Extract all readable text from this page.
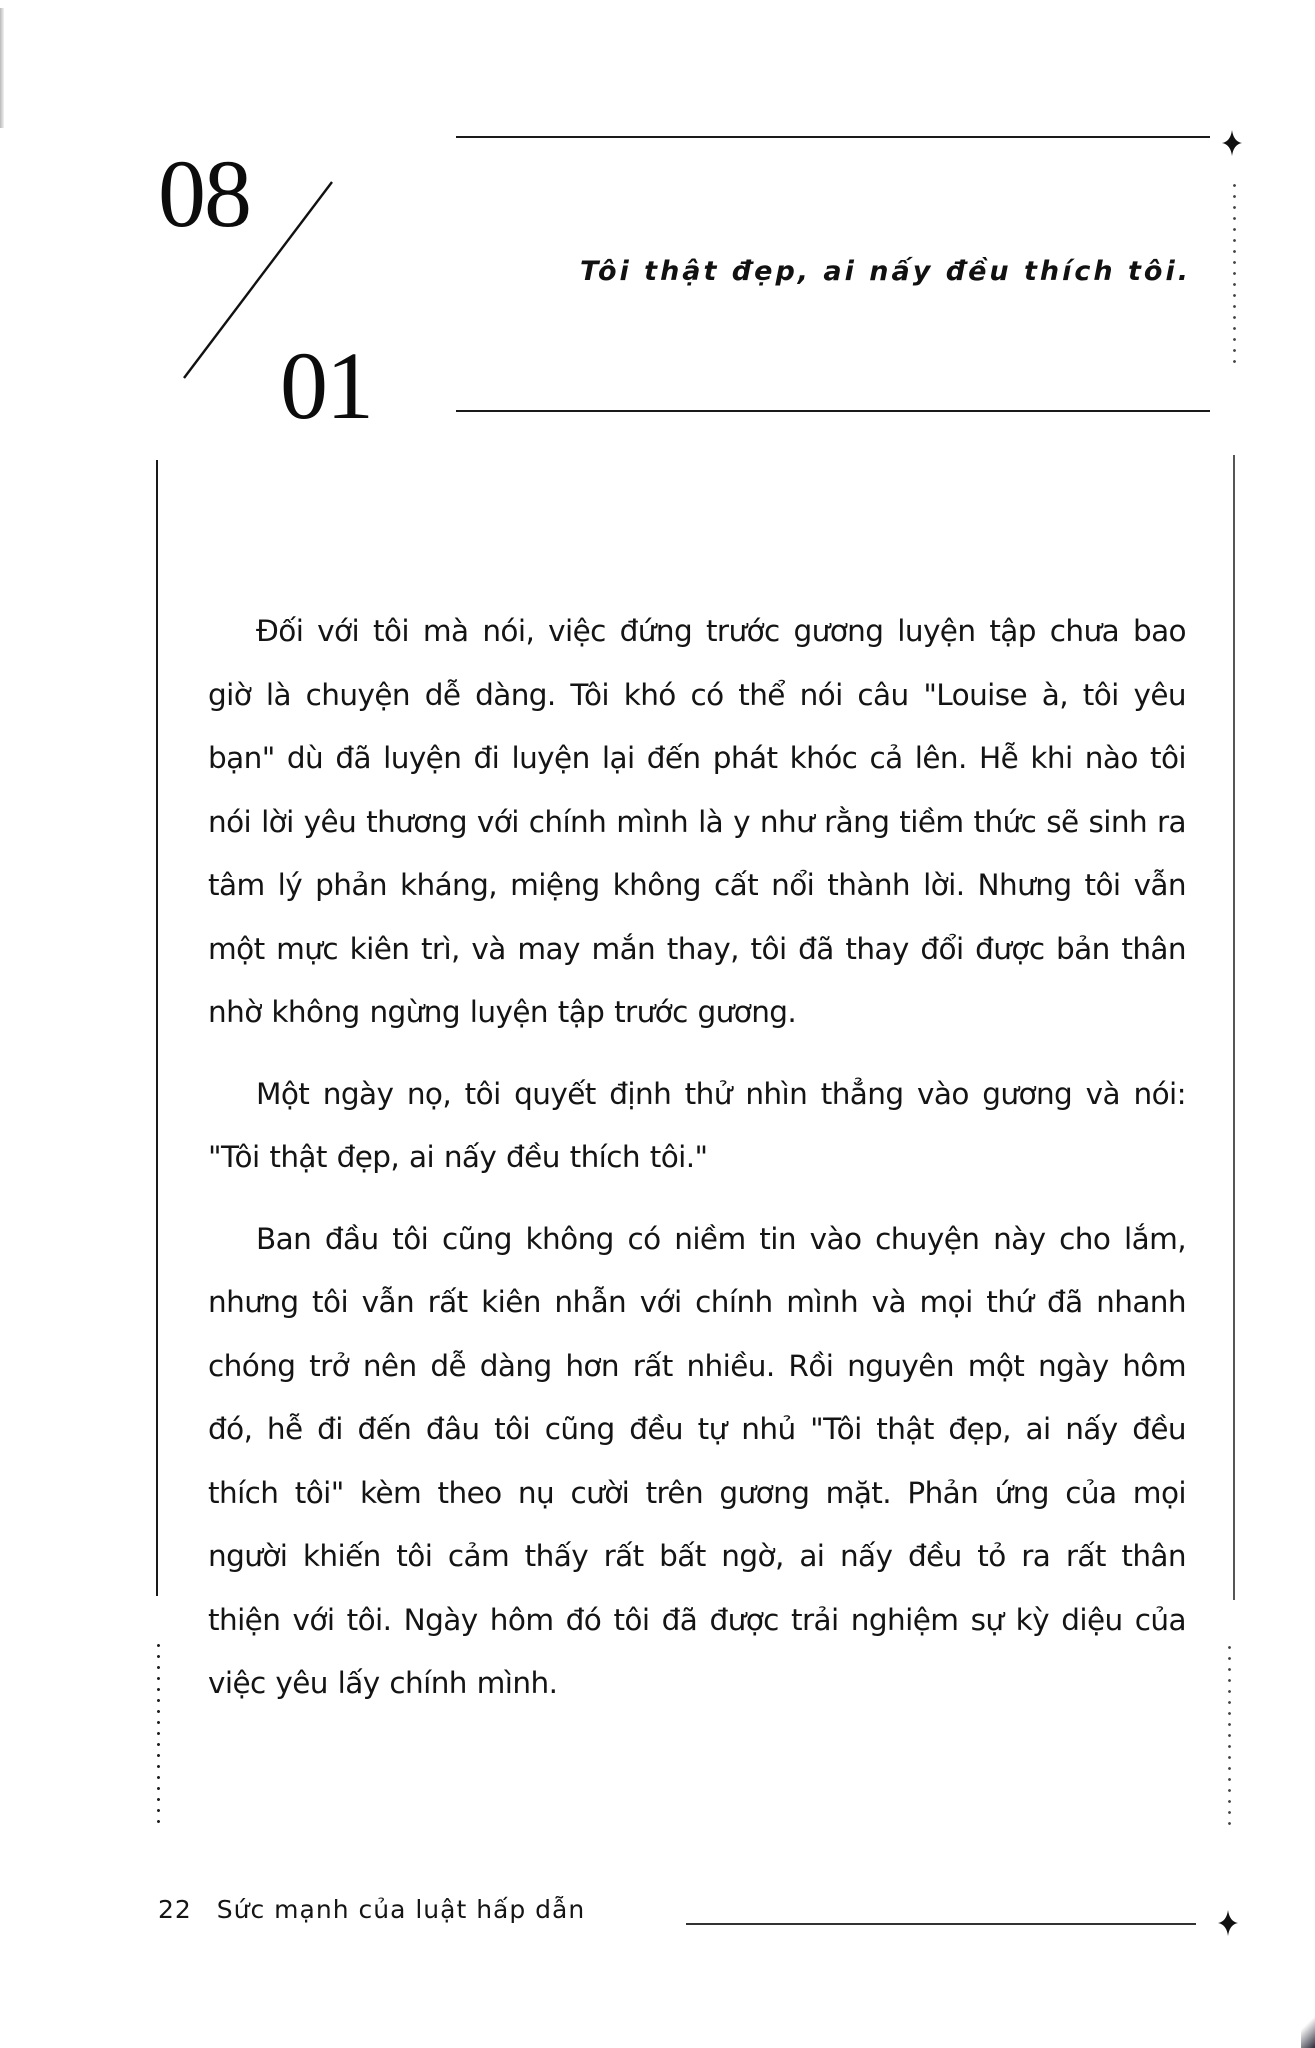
08
01
Tôi thật đẹp, ai nấy đều thích tôi.

Đối với tôi mà nói, việc đứng trước gương luyện tập chưa bao giờ là chuyện dễ dàng. Tôi khó có thể nói câu "Louise à, tôi yêu bạn" dù đã luyện đi luyện lại đến phát khóc cả lên. Hễ khi nào tôi nói lời yêu thương với chính mình là y như rằng tiềm thức sẽ sinh ra tâm lý phản kháng, miệng không cất nổi thành lời. Nhưng tôi vẫn một mực kiên trì, và may mắn thay, tôi đã thay đổi được bản thân nhờ không ngừng luyện tập trước gương.

Một ngày nọ, tôi quyết định thử nhìn thẳng vào gương và nói: "Tôi thật đẹp, ai nấy đều thích tôi."

Ban đầu tôi cũng không có niềm tin vào chuyện này cho lắm, nhưng tôi vẫn rất kiên nhẫn với chính mình và mọi thứ đã nhanh chóng trở nên dễ dàng hơn rất nhiều. Rồi nguyên một ngày hôm đó, hễ đi đến đâu tôi cũng đều tự nhủ "Tôi thật đẹp, ai nấy đều thích tôi" kèm theo nụ cười trên gương mặt. Phản ứng của mọi người khiến tôi cảm thấy rất bất ngờ, ai nấy đều tỏ ra rất thân thiện với tôi. Ngày hôm đó tôi đã được trải nghiệm sự kỳ diệu của việc yêu lấy chính mình.

22 Sức mạnh của luật hấp dẫn
